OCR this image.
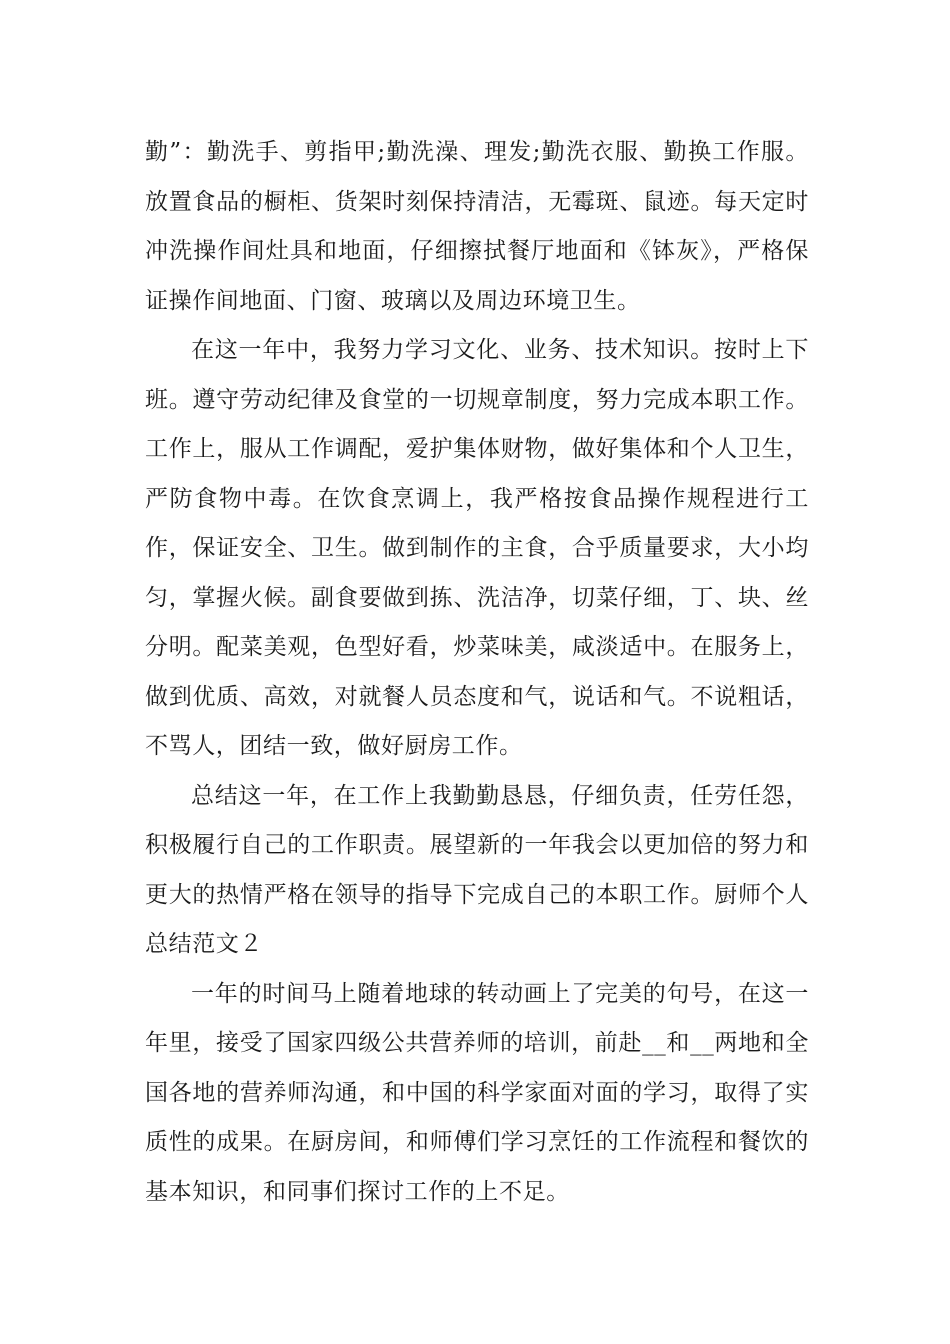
勤”：勤洗手、剪指甲;勤洗澡、理发;勤洗衣服、勤换工作服。放置食品的橱柜、货架时刻保持清洁，无霉斑、鼠迹。每天定时冲洗操作间灶具和地面，仔细擦拭餐厅地面和《钵灰》，严格保证操作间地面、门窗、玻璃以及周边环境卫生。

在这一年中，我努力学习文化、业务、技术知识。按时上下班。遵守劳动纪律及食堂的一切规章制度，努力完成本职工作。工作上，服从工作调配，爱护集体财物，做好集体和个人卫生，严防食物中毒。在饮食烹调上，我严格按食品操作规程进行工作，保证安全、卫生。做到制作的主食，合乎质量要求，大小均匀，掌握火候。副食要做到拣、洗洁净，切菜仔细，丁、块、丝分明。配菜美观，色型好看，炒菜味美，咸淡适中。在服务上，做到优质、高效，对就餐人员态度和气，说话和气。不说粗话，不骂人，团结一致，做好厨房工作。

总结这一年，在工作上我勤勤恳恳，仔细负责，任劳任怨，积极履行自己的工作职责。展望新的一年我会以更加倍的努力和更大的热情严格在领导的指导下完成自己的本职工作。厨师个人总结范文２

一年的时间马上随着地球的转动画上了完美的句号，在这一年里，接受了国家四级公共营养师的培训，前赴__和__两地和全国各地的营养师沟通，和中国的科学家面对面的学习，取得了实质性的成果。在厨房间，和师傅们学习烹饪的工作流程和餐饮的基本知识，和同事们探讨工作的上不足。
